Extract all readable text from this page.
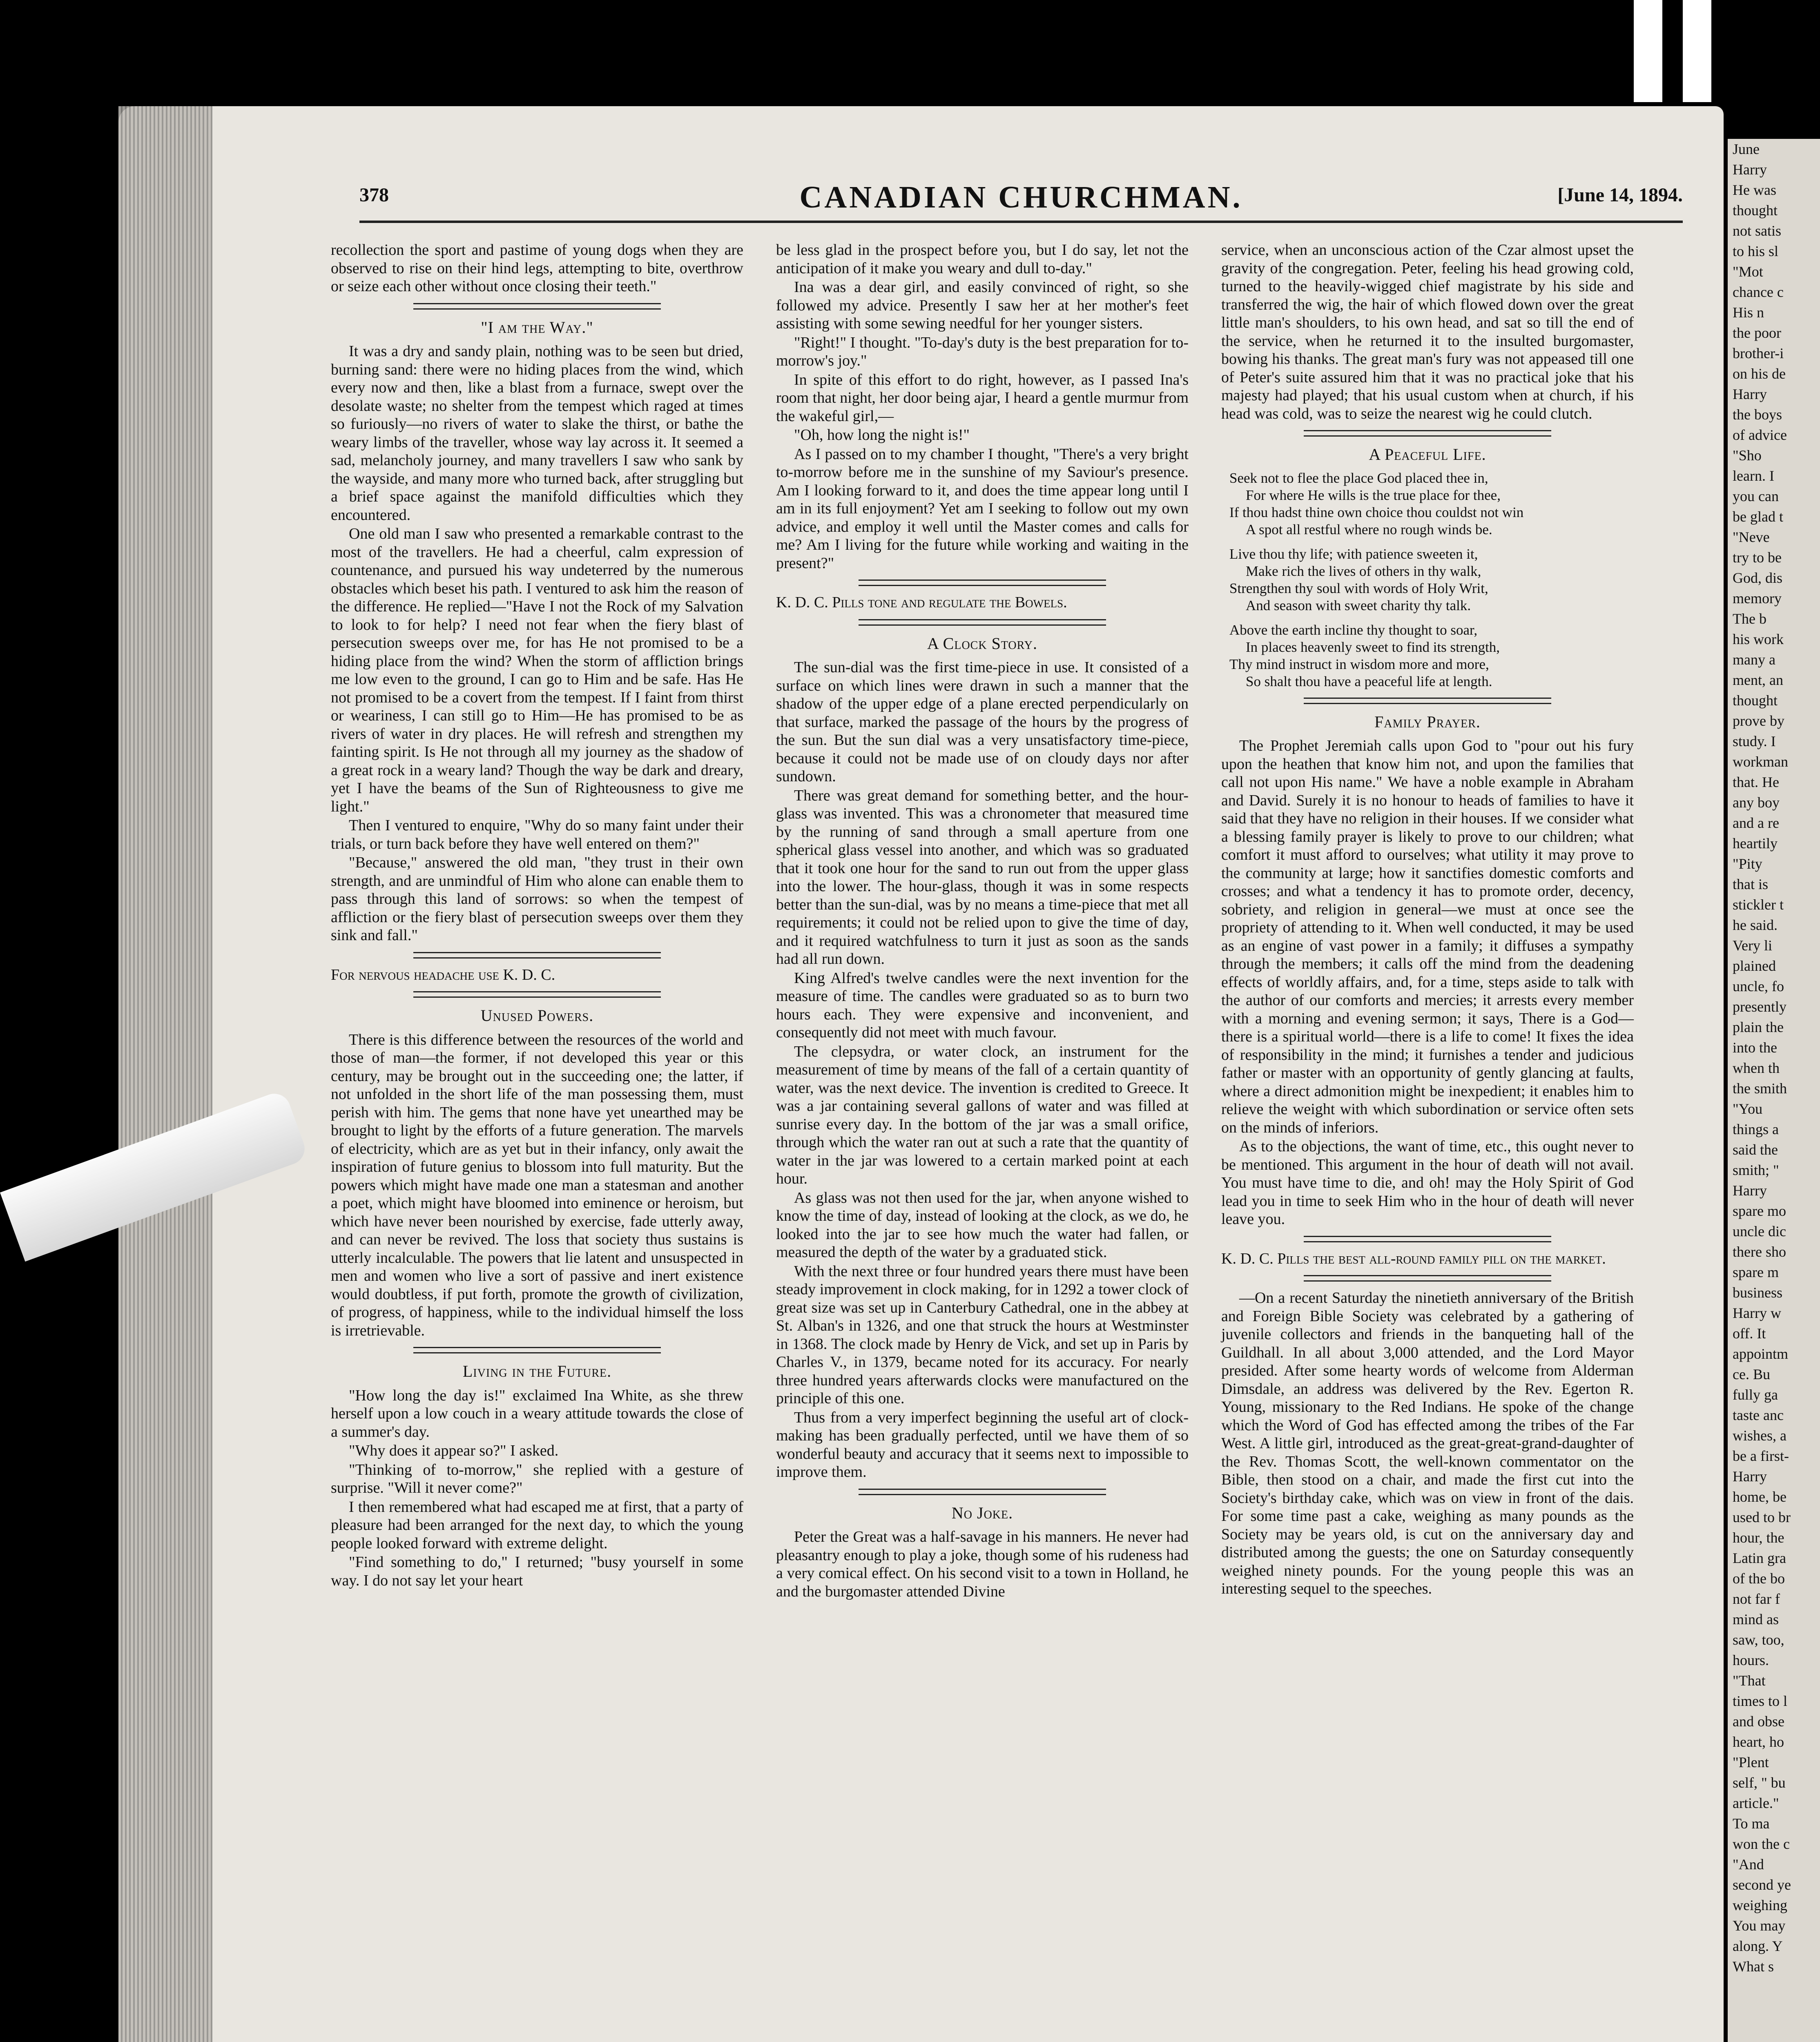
June
Harry
He was
thought
not satis
to his sl
"Mot
chance c
His n
the poor
brother-i
on his de
Harry
the boys
of advice
"Sho
learn. I
you can
be glad t
"Neve
try to be
God, dis
memory
The b
his work
many a
ment, an
thought
prove by
study. I
workman
that. He
any boy
and a re
heartily
"Pity
that is
stickler t
he said.
Very li
plained
uncle, fo
presently
plain the
into the
when th
the smith
"You
things a
said the
smith; "
Harry
spare mo
uncle dic
there sho
spare m
business
Harry w
off. It
appointm
ce. Bu
fully ga
taste anc
wishes, a
be a first-
Harry
home, be
used to br
hour, the
Latin gra
of the bo
not far f
mind as
saw, too,
hours.
"That
times to l
and obse
heart, ho
"Plent
self, " bu
article."
To ma
won the c
"And
second ye
weighing
You may
along. Y
What s
378	CANADIAN CHURCHMAN.	[June 14, 1894.

recollection the sport and pastime of young dogs when they are observed to rise on their hind legs, attempting to bite, overthrow or seize each other without once closing their teeth."

"I am the Way."

It was a dry and sandy plain, nothing was to be seen but dried, burning sand: there were no hiding places from the wind, which every now and then, like a blast from a furnace, swept over the desolate waste; no shelter from the tempest which raged at times so furiously—no rivers of water to slake the thirst, or bathe the weary limbs of the traveller, whose way lay across it. It seemed a sad, melancholy journey, and many travellers I saw who sank by the wayside, and many more who turned back, after struggling but a brief space against the manifold difficulties which they encountered.

One old man I saw who presented a remarkable contrast to the most of the travellers. He had a cheerful, calm expression of countenance, and pursued his way undeterred by the numerous obstacles which beset his path. I ventured to ask him the reason of the difference. He replied—"Have I not the Rock of my Salvation to look to for help? I need not fear when the fiery blast of persecution sweeps over me, for has He not promised to be a hiding place from the wind? When the storm of affliction brings me low even to the ground, I can go to Him and be safe. Has He not promised to be a covert from the tempest. If I faint from thirst or weariness, I can still go to Him—He has promised to be as rivers of water in dry places. He will refresh and strengthen my fainting spirit. Is He not through all my journey as the shadow of a great rock in a weary land? Though the way be dark and dreary, yet I have the beams of the Sun of Righteousness to give me light."

Then I ventured to enquire, "Why do so many faint under their trials, or turn back before they have well entered on them?"

"Because," answered the old man, "they trust in their own strength, and are unmindful of Him who alone can enable them to pass through this land of sorrows: so when the tempest of affliction or the fiery blast of persecution sweeps over them they sink and fall."

For nervous headache use K. D. C.

Unused Powers.

There is this difference between the resources of the world and those of man—the former, if not developed this year or this century, may be brought out in the succeeding one; the latter, if not unfolded in the short life of the man possessing them, must perish with him. The gems that none have yet unearthed may be brought to light by the efforts of a future generation. The marvels of electricity, which are as yet but in their infancy, only await the inspiration of future genius to blossom into full maturity. But the powers which might have made one man a statesman and another a poet, which might have bloomed into eminence or heroism, but which have never been nourished by exercise, fade utterly away, and can never be revived. The loss that society thus sustains is utterly incalculable. The powers that lie latent and unsuspected in men and women who live a sort of passive and inert existence would doubtless, if put forth, promote the growth of civilization, of progress, of happiness, while to the individual himself the loss is irretrievable.

Living in the Future.

"How long the day is!" exclaimed Ina White, as she threw herself upon a low couch in a weary attitude towards the close of a summer's day.

"Why does it appear so?" I asked.

"Thinking of to-morrow," she replied with a gesture of surprise. "Will it never come?"

I then remembered what had escaped me at first, that a party of pleasure had been arranged for the next day, to which the young people looked forward with extreme delight.

"Find something to do," I returned; "busy yourself in some way. I do not say let your heart

be less glad in the prospect before you, but I do say, let not the anticipation of it make you weary and dull to-day."

Ina was a dear girl, and easily convinced of right, so she followed my advice. Presently I saw her at her mother's feet assisting with some sewing needful for her younger sisters.

"Right!" I thought. "To-day's duty is the best preparation for to-morrow's joy."

In spite of this effort to do right, however, as I passed Ina's room that night, her door being ajar, I heard a gentle murmur from the wakeful girl,—

"Oh, how long the night is!"

As I passed on to my chamber I thought, "There's a very bright to-morrow before me in the sunshine of my Saviour's presence. Am I looking forward to it, and does the time appear long until I am in its full enjoyment? Yet am I seeking to follow out my own advice, and employ it well until the Master comes and calls for me? Am I living for the future while working and waiting in the present?"

K. D. C. Pills tone and regulate the Bowels.

A Clock Story.

The sun-dial was the first time-piece in use. It consisted of a surface on which lines were drawn in such a manner that the shadow of the upper edge of a plane erected perpendicularly on that surface, marked the passage of the hours by the progress of the sun. But the sun dial was a very unsatisfactory time-piece, because it could not be made use of on cloudy days nor after sundown.

There was great demand for something better, and the hour-glass was invented. This was a chronometer that measured time by the running of sand through a small aperture from one spherical glass vessel into another, and which was so graduated that it took one hour for the sand to run out from the upper glass into the lower. The hour-glass, though it was in some respects better than the sun-dial, was by no means a time-piece that met all requirements; it could not be relied upon to give the time of day, and it required watchfulness to turn it just as soon as the sands had all run down.

King Alfred's twelve candles were the next invention for the measure of time. The candles were graduated so as to burn two hours each. They were expensive and inconvenient, and consequently did not meet with much favour.

The clepsydra, or water clock, an instrument for the measurement of time by means of the fall of a certain quantity of water, was the next device. The invention is credited to Greece. It was a jar containing several gallons of water and was filled at sunrise every day. In the bottom of the jar was a small orifice, through which the water ran out at such a rate that the quantity of water in the jar was lowered to a certain marked point at each hour.

As glass was not then used for the jar, when anyone wished to know the time of day, instead of looking at the clock, as we do, he looked into the jar to see how much the water had fallen, or measured the depth of the water by a graduated stick.

With the next three or four hundred years there must have been steady improvement in clock making, for in 1292 a tower clock of great size was set up in Canterbury Cathedral, one in the abbey at St. Alban's in 1326, and one that struck the hours at Westminster in 1368. The clock made by Henry de Vick, and set up in Paris by Charles V., in 1379, became noted for its accuracy. For nearly three hundred years afterwards clocks were manufactured on the principle of this one.

Thus from a very imperfect beginning the useful art of clock-making has been gradually perfected, until we have them of so wonderful beauty and accuracy that it seems next to impossible to improve them.

No Joke.

Peter the Great was a half-savage in his manners. He never had pleasantry enough to play a joke, though some of his rudeness had a very comical effect. On his second visit to a town in Holland, he and the burgomaster attended Divine

service, when an unconscious action of the Czar almost upset the gravity of the congregation. Peter, feeling his head growing cold, turned to the heavily-wigged chief magistrate by his side and transferred the wig, the hair of which flowed down over the great little man's shoulders, to his own head, and sat so till the end of the service, when he returned it to the insulted burgomaster, bowing his thanks. The great man's fury was not appeased till one of Peter's suite assured him that it was no practical joke that his majesty had played; that his usual custom when at church, if his head was cold, was to seize the nearest wig he could clutch.

A Peaceful Life.
Seek not to flee the place God placed thee in,
For where He wills is the true place for thee,
If thou hadst thine own choice thou couldst not win
A spot all restful where no rough winds be.
Live thou thy life; with patience sweeten it,
Make rich the lives of others in thy walk,
Strengthen thy soul with words of Holy Writ,
And season with sweet charity thy talk.
Above the earth incline thy thought to soar,
In places heavenly sweet to find its strength,
Thy mind instruct in wisdom more and more,
So shalt thou have a peaceful life at length.
Family Prayer.

The Prophet Jeremiah calls upon God to "pour out his fury upon the heathen that know him not, and upon the families that call not upon His name." We have a noble example in Abraham and David. Surely it is no honour to heads of families to have it said that they have no religion in their houses. If we consider what a blessing family prayer is likely to prove to our children; what comfort it must afford to ourselves; what utility it may prove to the community at large; how it sanctifies domestic comforts and crosses; and what a tendency it has to promote order, decency, sobriety, and religion in general—we must at once see the propriety of attending to it. When well conducted, it may be used as an engine of vast power in a family; it diffuses a sympathy through the members; it calls off the mind from the deadening effects of worldly affairs, and, for a time, steps aside to talk with the author of our comforts and mercies; it arrests every member with a morning and evening sermon; it says, There is a God—there is a spiritual world—there is a life to come! It fixes the idea of responsibility in the mind; it furnishes a tender and judicious father or master with an opportunity of gently glancing at faults, where a direct admonition might be inexpedient; it enables him to relieve the weight with which subordination or service often sets on the minds of inferiors.

As to the objections, the want of time, etc., this ought never to be mentioned. This argument in the hour of death will not avail. You must have time to die, and oh! may the Holy Spirit of God lead you in time to seek Him who in the hour of death will never leave you.

K. D. C. Pills the best all-round family pill on the market.

—On a recent Saturday the ninetieth anniversary of the British and Foreign Bible Society was celebrated by a gathering of juvenile collectors and friends in the banqueting hall of the Guildhall. In all about 3,000 attended, and the Lord Mayor presided. After some hearty words of welcome from Alderman Dimsdale, an address was delivered by the Rev. Egerton R. Young, missionary to the Red Indians. He spoke of the change which the Word of God has effected among the tribes of the Far West. A little girl, introduced as the great-great-grand-daughter of the Rev. Thomas Scott, the well-known commentator on the Bible, then stood on a chair, and made the first cut into the Society's birthday cake, which was on view in front of the dais. For some time past a cake, weighing as many pounds as the Society may be years old, is cut on the anniversary day and distributed among the guests; the one on Saturday consequently weighed ninety pounds. For the young people this was an interesting sequel to the speeches.
